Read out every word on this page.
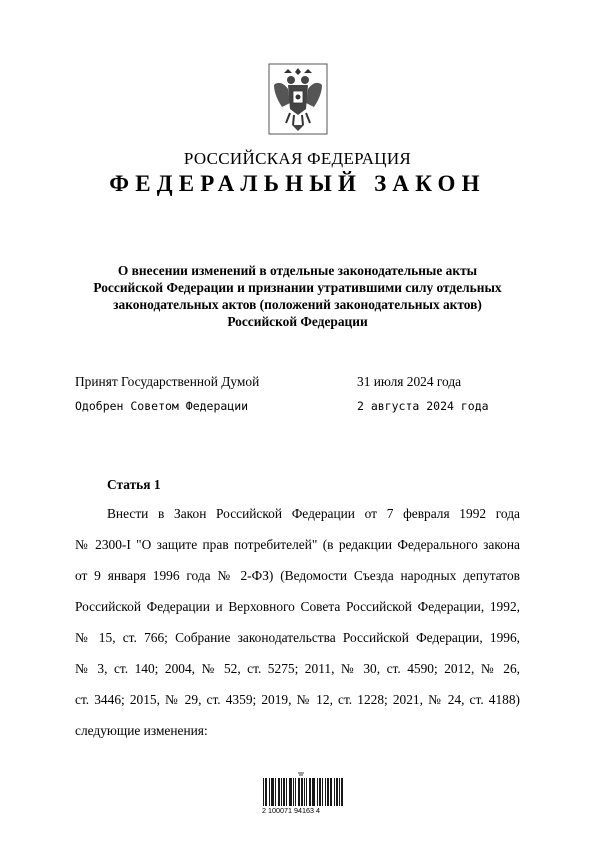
РОССИЙСКАЯ ФЕДЕРАЦИЯ
ФЕДЕРАЛЬНЫЙ ЗАКОН
О внесении изменений в отдельные законодательные акты
Российской Федерации и признании утратившими силу отдельных
законодательных актов (положений законодательных актов)
Российской Федерации
Принят Государственной Думой	31 июля 2024 года
Одобрен Советом Федерации	2 августа 2024 года
Статья 1
Внести в Закон Российской Федерации от 7 февраля 1992 года
№ 2300-I "О защите прав потребителей" (в редакции Федерального закона
от 9 января 1996 года № 2-ФЗ) (Ведомости Съезда народных депутатов
Российской Федерации и Верховного Совета Российской Федерации, 1992,
№ 15, ст. 766; Собрание законодательства Российской Федерации, 1996,
№ 3, ст. 140; 2004, № 52, ст. 5275; 2011, № 30, ст. 4590; 2012, № 26,
ст. 3446; 2015, № 29, ст. 4359; 2019, № 12, ст. 1228; 2021, № 24, ст. 4188)
следующие изменения:
2 100071 94163 4
